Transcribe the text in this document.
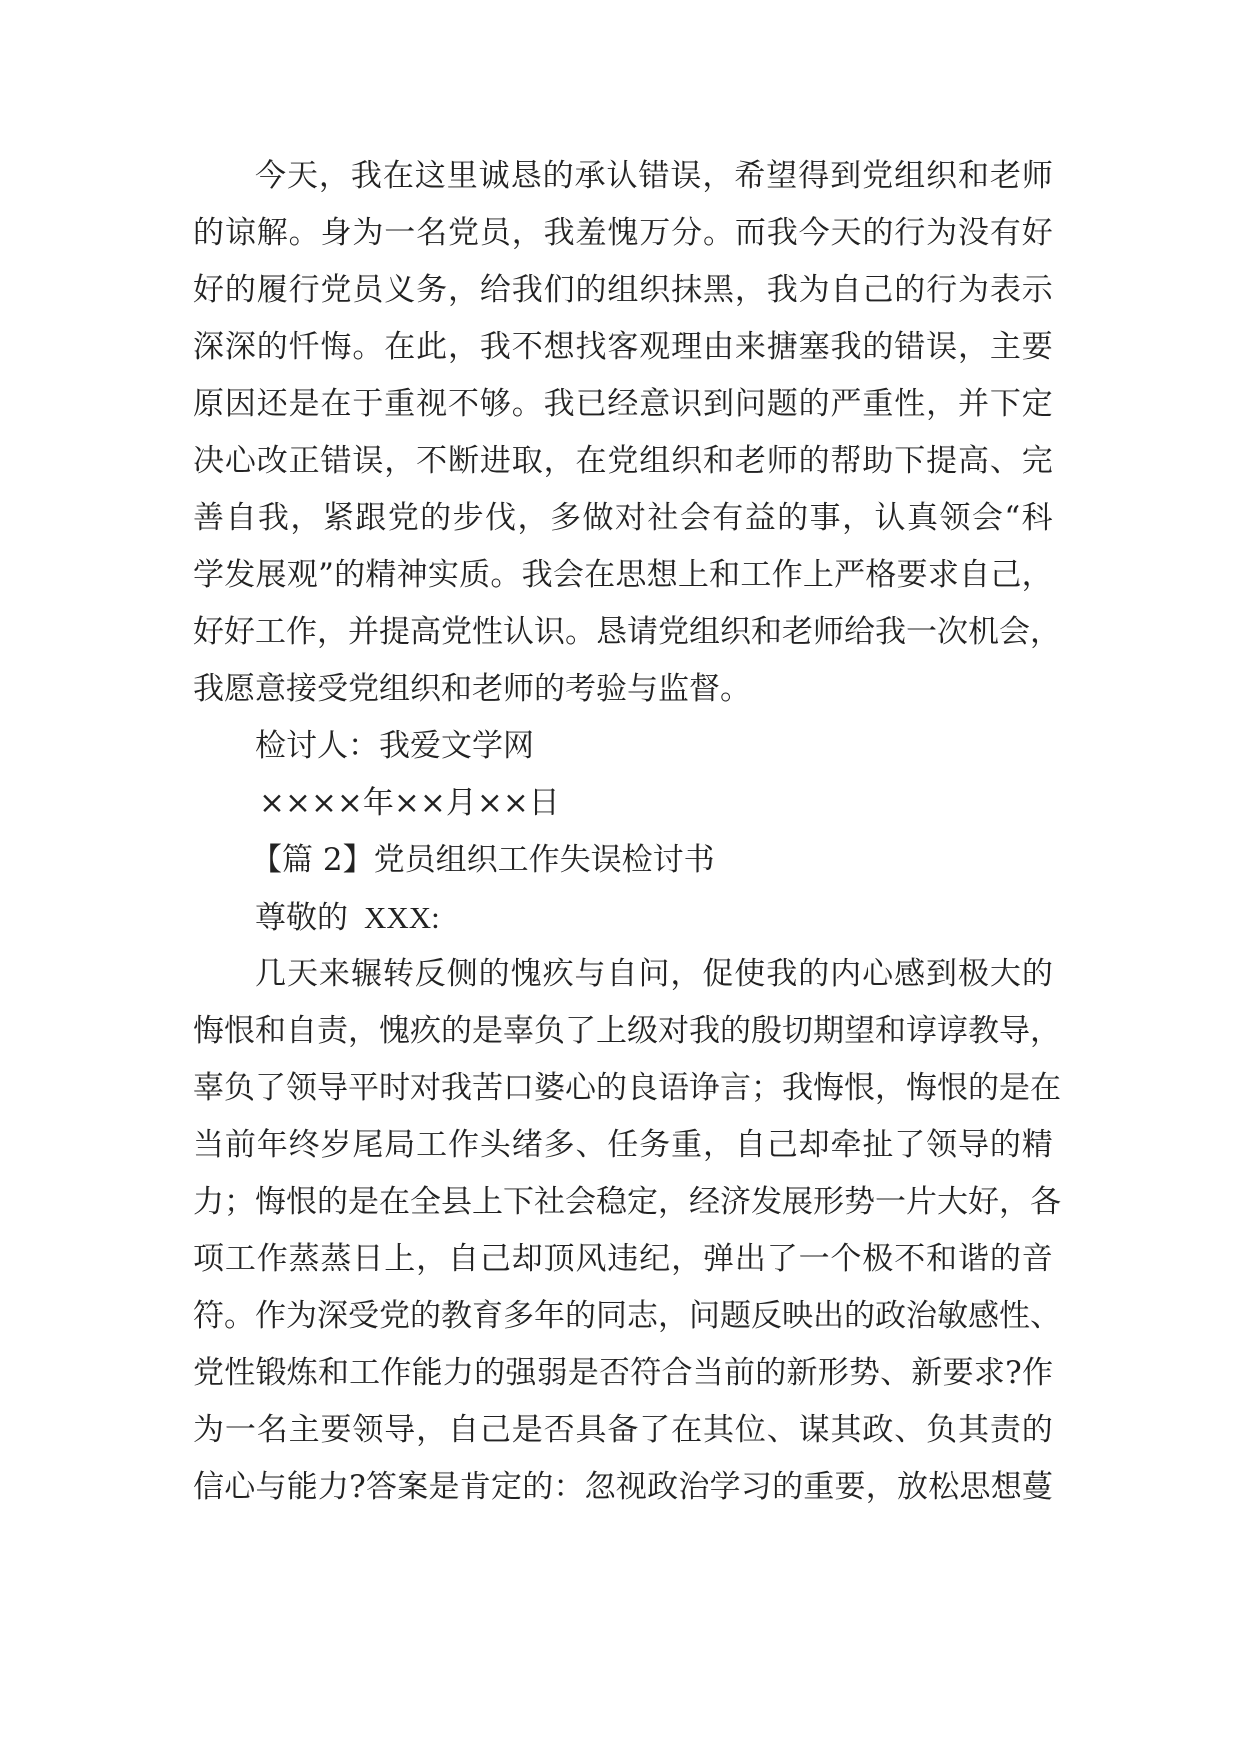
今 天 ， 我 在 这 里 诚 恳 的 承 认 错 误 ， 希 望 得 到 党 组 织 和 老 师
的 谅 解 。 身 为 一 名 党 员 ， 我 羞 愧 万 分 。 而 我 今 天 的 行 为 没 有 好
好 的 履 行 党 员 义 务 ， 给 我 们 的 组 织 抹 黑 ， 我 为 自 己 的 行 为 表 示
深 深 的 忏 悔 。 在 此 ， 我 不 想 找 客 观 理 由 来 搪 塞 我 的 错 误 ， 主 要
原 因 还 是 在 于 重 视 不 够 。 我 已 经 意 识 到 问 题 的 严 重 性 ， 并 下 定
决 心 改 正 错 误 ， 不 断 进 取 ， 在 党 组 织 和 老 师 的 帮 助 下 提 高 、 完
善 自 我 ， 紧 跟 党 的 步 伐 ， 多 做 对 社 会 有 益 的 事 ， 认 真 领 会 “ 科
学 发 展 观 ” 的 精 神 实 质 。 我 会 在 思 想 上 和 工 作 上 严 格 要 求 自 己 ，
好 好 工 作 ， 并 提 高 党 性 认 识 。 恳 请 党 组 织 和 老 师 给 我 一 次 机 会 ，
我愿意接受党组织和老师的考验与监督。
检讨人：我爱文学网
××××年××月××日
【篇 2】党员组织工作失误检讨书
尊敬的 XXX:
几 天 来 辗 转 反 侧 的 愧 疚 与 自 问 ， 促 使 我 的 内 心 感 到 极 大 的
悔 恨 和 自 责 ， 愧 疚 的 是 辜 负 了 上 级 对 我 的 殷 切 期 望 和 谆 谆 教 导 ，
辜 负 了 领 导 平 时 对 我 苦 口 婆 心 的 良 语 诤 言 ； 我 悔 恨 ， 悔 恨 的 是 在
当 前 年 终 岁 尾 局 工 作 头 绪 多 、 任 务 重 ， 自 己 却 牵 扯 了 领 导 的 精
力 ； 悔 恨 的 是 在 全 县 上 下 社 会 稳 定 ， 经 济 发 展 形 势 一 片 大 好 ， 各
项 工 作 蒸 蒸 日 上 ， 自 己 却 顶 风 违 纪 ， 弹 出 了 一 个 极 不 和 谐 的 音
符 。 作 为 深 受 党 的 教 育 多 年 的 同 志 ， 问 题 反 映 出 的 政 治 敏 感 性 、
党 性 锻 炼 和 工 作 能 力 的 强 弱 是 否 符 合 当 前 的 新 形 势 、 新 要 求 ? 作
为 一 名 主 要 领 导 ， 自 己 是 否 具 备 了 在 其 位 、 谋 其 政 、 负 其 责 的
信 心 与 能 力 ? 答 案 是 肯 定 的 ： 忽 视 政 治 学 习 的 重 要 ， 放 松 思 想 蔓
